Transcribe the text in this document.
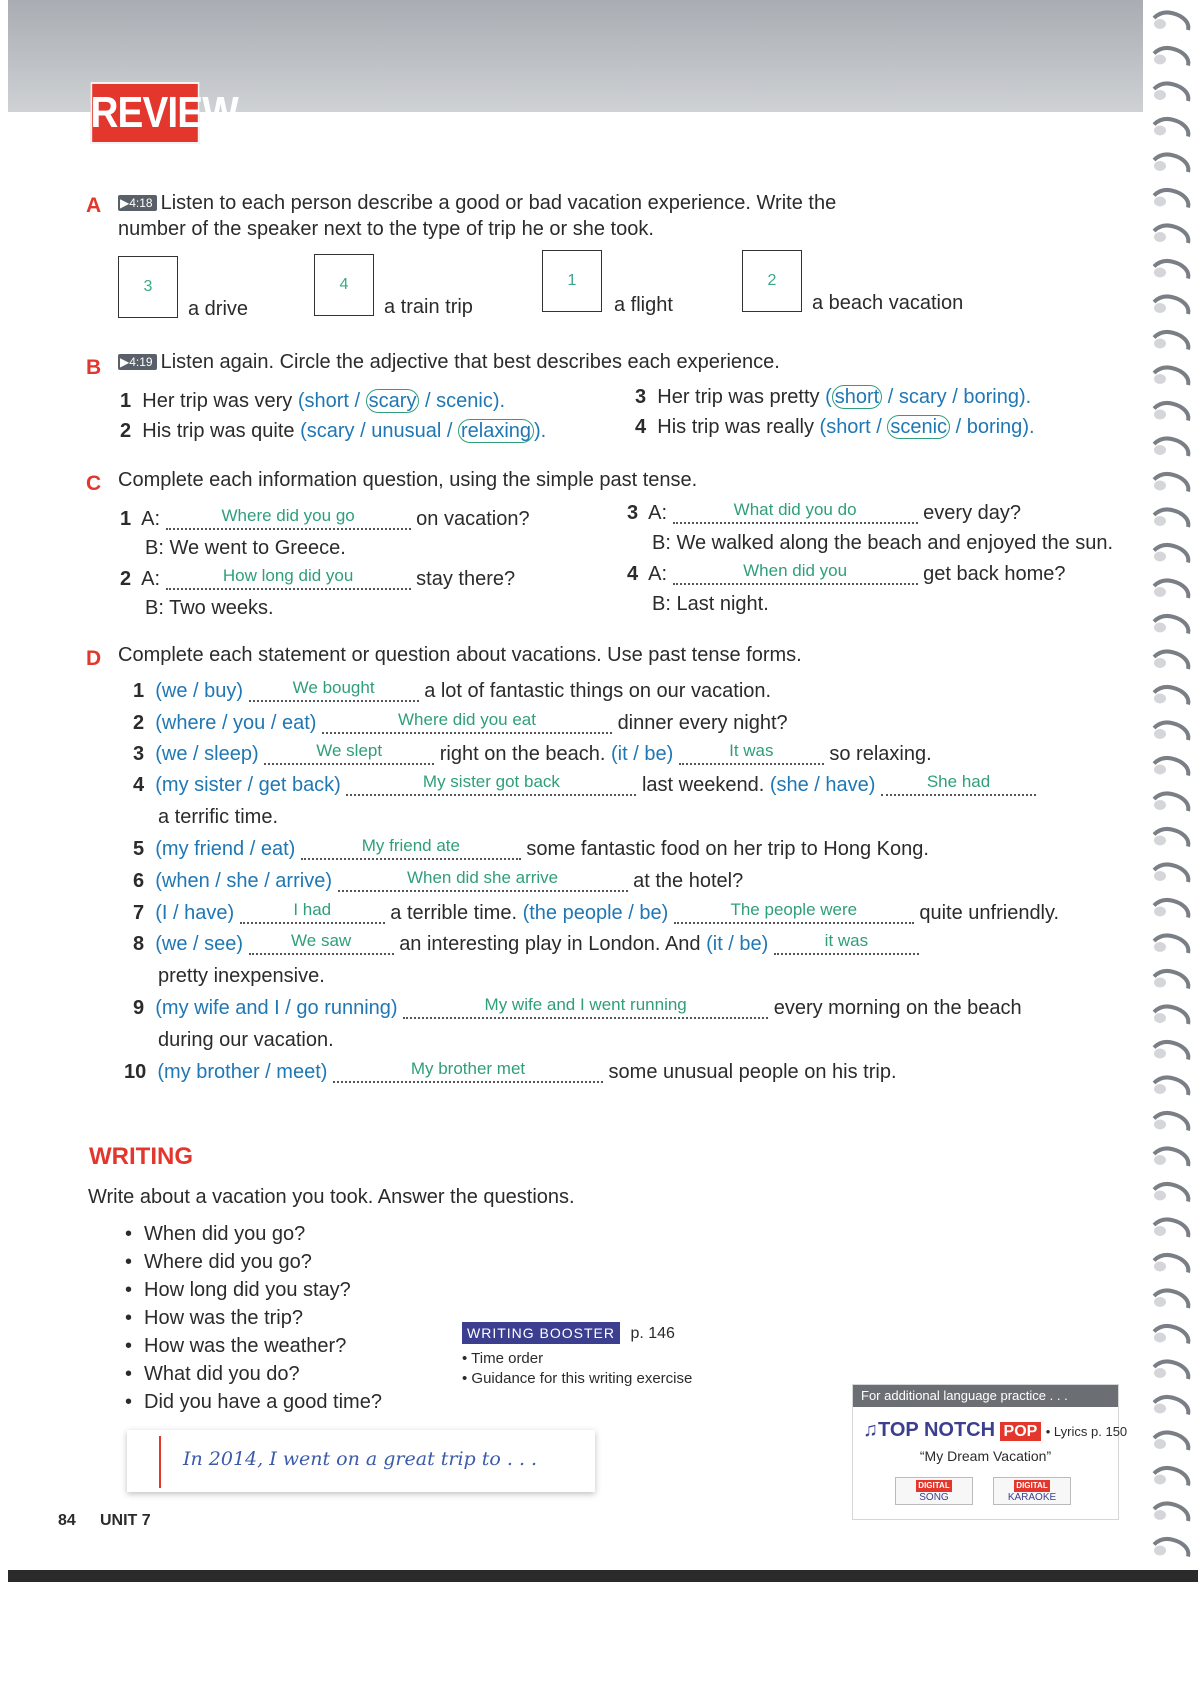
REVIEW
A ▶4:18 Listen to each person describe a good or bad vacation experience. Write the
number of the speaker next to the type of trip he or she took.
3
a drive
4
a train trip
1
a flight
2
a beach vacation
B ▶4:19 Listen again. Circle the adjective that best describes each experience.
1 Her trip was very (short / scary / scenic).
2 His trip was quite (scary / unusual / relaxing ).
3 Her trip was pretty ( short / scary / boring).
4 His trip was really (short / scenic / boring).
C Complete each information question, using the simple past tense.
1 A:	Where did you go	on vacation?
B: We went to Greece.
2 A:	How long did you	stay there?
B: Two weeks.
3 A:	What did you do	every day?
B: We walked along the beach and enjoyed the sun.
4 A:	When did you	get back home?
B: Last night.
D Complete each statement or question about vacations. Use past tense forms.
1 (we / buy)	We bought a lot of fantastic things on our vacation.
2 (where / you / eat)	Where did you eat	dinner every night?
3 (we / sleep)	We slept	right on the beach. (it / be)	It was	so relaxing.
4 (my sister / get back)	My sister got back	last weekend. (she / have)	She had
a terrific time.
5 (my friend / eat)	My friend ate	some fantastic food on her trip to Hong Kong.
6 (when / she / arrive)	When did she arrive	at the hotel?
7 (I / have)	I had	a terrible time. (the people / be)	The people were	quite unfriendly.
8 (we / see)	We saw an interesting play in London. And (it / be)	it was
pretty inexpensive.
9 (my wife and I / go running)	My wife and I went running	every morning on the beach
during our vacation.
10 (my brother / meet)	My brother met	some unusual people on his trip.
WRITING
Write about a vacation you took. Answer the questions.
• When did you go?
• Where did you go?
• How long did you stay?
• How was the trip?
• How was the weather?
• What did you do?
• Did you have a good time?
WRITING BOOSTER p. 146
• Time order
• Guidance for this writing exercise
In 2014, I went on a great trip to . . .
For additional language practice . . .
♫TOP NOTCH POP • Lyrics p. 150
“My Dream Vacation”
DIGITAL
SONG
DIGITAL
KARAOKE
84 UNIT 7
